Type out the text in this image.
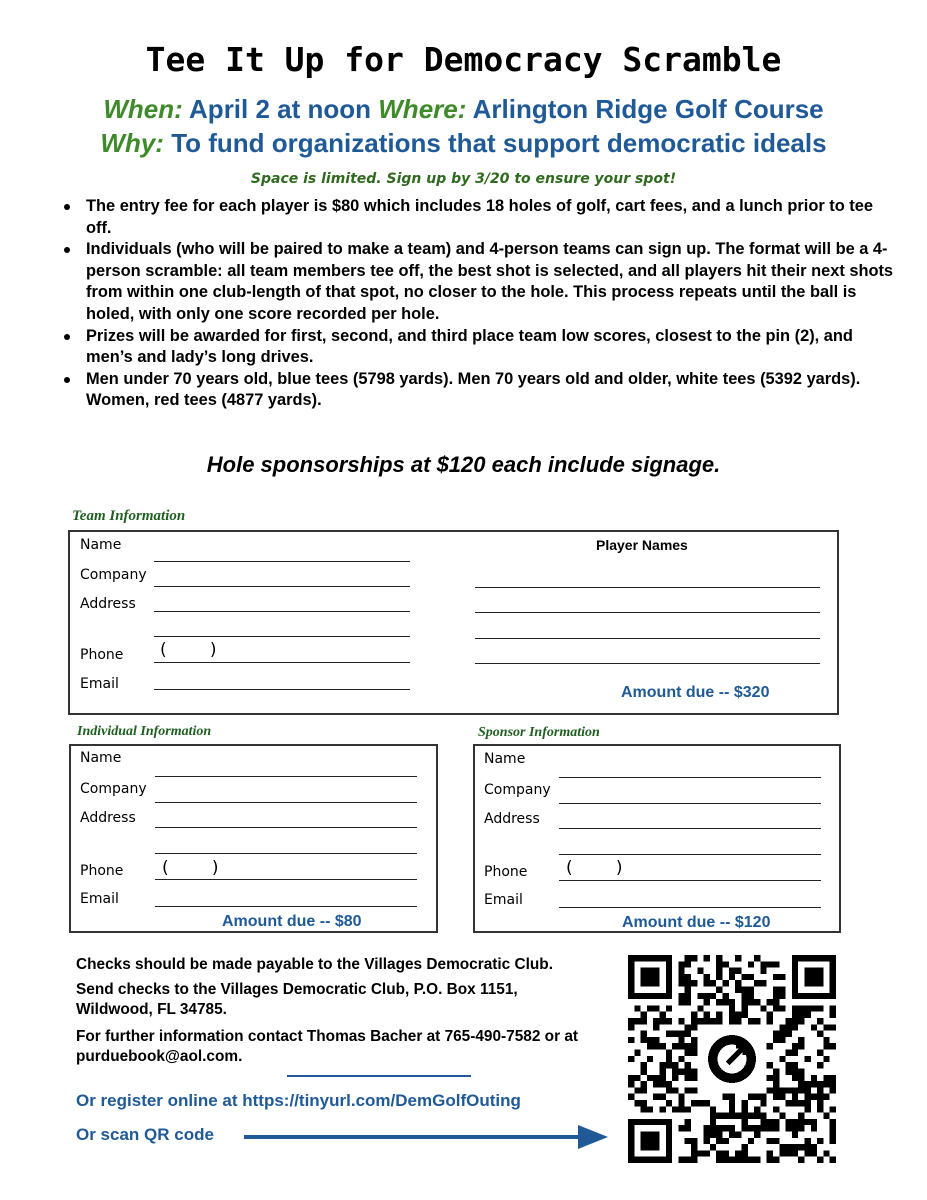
Tee It Up for Democracy Scramble
When: April 2 at noon Where: Arlington Ridge Golf Course
Why: To fund organizations that support democratic ideals
Space is limited. Sign up by 3/20 to ensure your spot!
The entry fee for each player is $80 which includes 18 holes of golf, cart fees, and a lunch prior to tee off.
Individuals (who will be paired to make a team) and 4-person teams can sign up. The format will be a 4-person scramble: all team members tee off, the best shot is selected, and all players hit their next shots from within one club-length of that spot, no closer to the hole. This process repeats until the ball is holed, with only one score recorded per hole.
Prizes will be awarded for first, second, and third place team low scores, closest to the pin (2), and men’s and lady’s long drives.
Men under 70 years old, blue tees (5798 yards). Men 70 years old and older, white tees (5392 yards). Women, red tees (4877 yards).
Hole sponsorships at $120 each include signage.
Team Information
Name
Company
Address
Phone (        )
Email
Player Names
Amount due -- $320
Individual Information
Name
Company
Address
Phone (        )
Email
Amount due -- $80
Sponsor Information
Name
Company
Address
Phone (        )
Email
Amount due -- $120
Checks should be made payable to the Villages Democratic Club.
Send checks to the Villages Democratic Club, P.O. Box 1151, Wildwood, FL 34785.
For further information contact Thomas Bacher at 765-490-7582 or at purduebook@aol.com.
Or register online at https://tinyurl.com/DemGolfOuting
Or scan QR code
